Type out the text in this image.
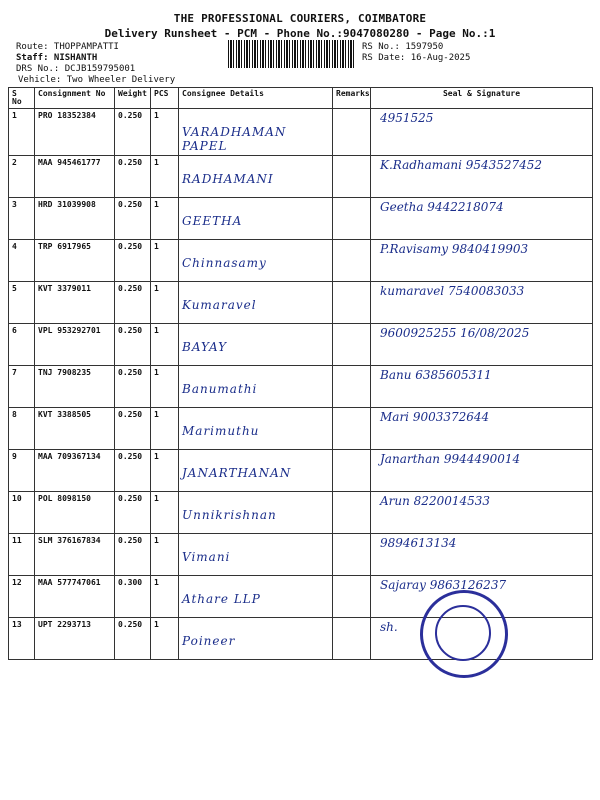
THE PROFESSIONAL COURIERS, COIMBATORE
Delivery Runsheet - PCM - Phone No.:9047080280 - Page No.:1
Route: THOPPAMPATTI
Staff: NISHANTH
DRS No.: DCJB159795001
Vehicle: Two Wheeler Delivery
RS No.: 1597950
RS Date: 16-Aug-2025
S No	Consignment No	Weight	PCS	Consignee Details	Remarks	Seal & Signature
1	PRO 18352384	0.250	1	VARADHAMAN PAPEL		4951525

2	MAA 945461777	0.250	1	RADHAMANI		K.Radhamani 9543527452

3	HRD 31039908	0.250	1	GEETHA		Geetha 9442218074

4	TRP 6917965	0.250	1	Chinnasamy		P.Ravisamy 9840419903

5	KVT 3379011	0.250	1	Kumaravel		kumaravel 7540083033

6	VPL 953292701	0.250	1	BAYAY		9600925255 16/08/2025

7	TNJ 7908235	0.250	1	Banumathi		Banu 6385605311

8	KVT 3388505	0.250	1	Marimuthu		Mari 9003372644

9	MAA 709367134	0.250	1	JANARTHANAN		Janarthan 9944490014

10	POL 8098150	0.250	1	Unnikrishnan		Arun 8220014533

11	SLM 376167834	0.250	1	Vimani		9894613134

12	MAA 577747061	0.300	1	Athare LLP		Sajaray 9863126237

13	UPT 2293713	0.250	1	Poineer		sh.
